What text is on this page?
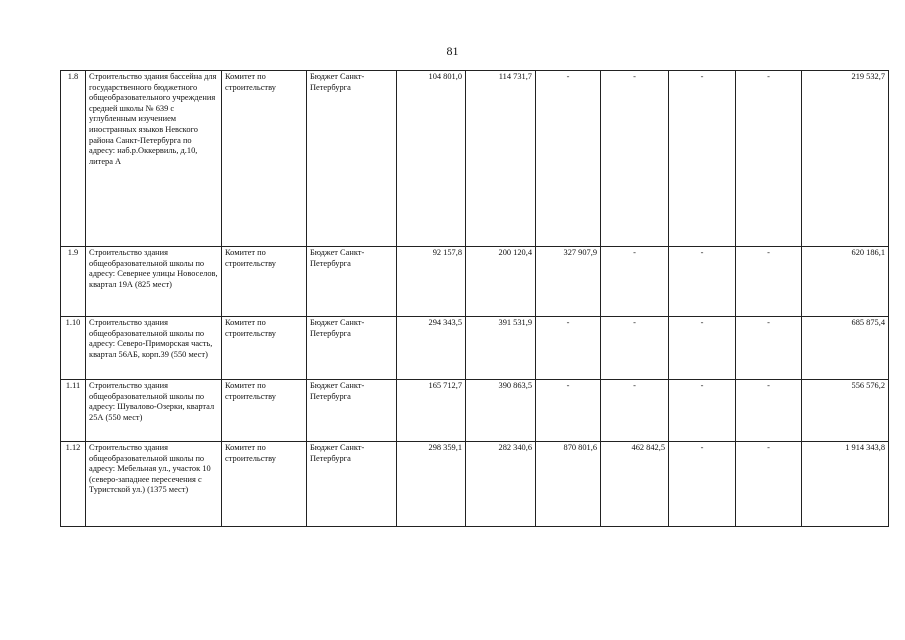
81
1.8	Строительство здания бассейна для государственного бюджетного общеобразовательного учреждения средней школы № 639 с углубленным изучением иностранных языков Невского района Санкт-Петербурга по адресу: наб.р.Оккервиль, д.10, литера А	Комитет по строительству	Бюджет Санкт-Петербурга	104 801,0	114 731,7	-	-	-	-	219 532,7
1.9	Строительство здания общеобразовательной школы по адресу: Севернее улицы Новоселов, квартал 19А (825 мест)	Комитет по строительству	Бюджет Санкт-Петербурга	92 157,8	200 120,4	327 907,9	-	-	-	620 186,1
1.10	Строительство здания общеобразовательной школы по адресу: Северо-Приморская часть, квартал 56АБ, корп.39 (550 мест)	Комитет по строительству	Бюджет Санкт-Петербурга	294 343,5	391 531,9	-	-	-	-	685 875,4
1.11	Строительство здания общеобразовательной школы по адресу: Шувалово-Озерки, квартал 25А (550 мест)	Комитет по строительству	Бюджет Санкт-Петербурга	165 712,7	390 863,5	-	-	-	-	556 576,2
1.12	Строительство здания общеобразовательной школы по адресу: Мебельная ул., участок 10 (северо-западнее пересечения с Туристской ул.) (1375 мест)	Комитет по строительству	Бюджет Санкт-Петербурга	298 359,1	282 340,6	870 801,6	462 842,5	-	-	1 914 343,8
